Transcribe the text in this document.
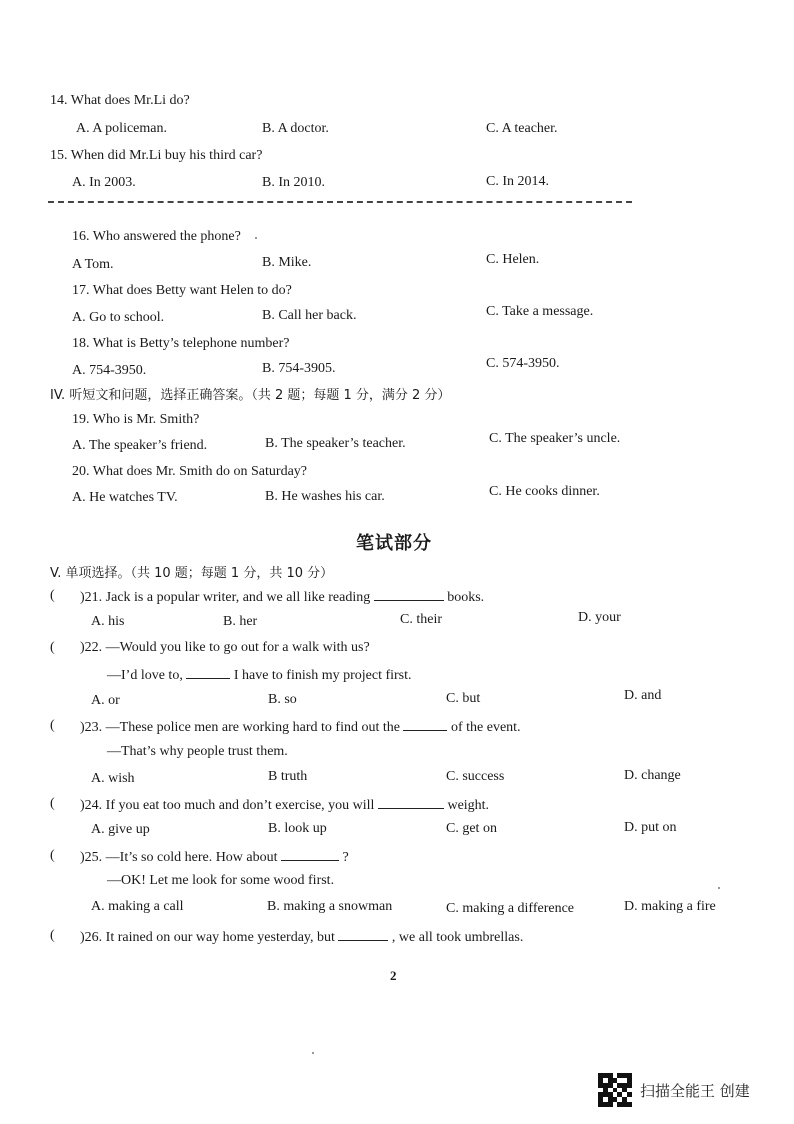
14. What does Mr.Li do?
A. A policeman.	B. A doctor.	C. A teacher.
15. When did Mr.Li buy his third car?
A. In 2003.	B. In 2010.	C. In 2014.
16. Who answered the phone?
A Tom.	B. Mike.	C. Helen.
17. What does Betty want Helen to do?
A. Go to school.	B. Call her back.	C. Take a message.
18. What is Betty’s telephone number?
A. 754-3950.	B. 754-3905.	C. 574-3950.
IV. 听短文和问题，选择正确答案。（共 2 题；每题 1 分，满分 2 分）
19. Who is Mr. Smith?
A. The speaker’s friend.	B. The speaker’s teacher.	C. The speaker’s uncle.
20. What does Mr. Smith do on Saturday?
A. He watches TV.	B. He washes his car.	C. He cooks dinner.
笔试部分
V. 单项选择。（共 10 题；每题 1 分，共 10 分）
( )21. Jack is a popular writer, and we all like reading	books.
A. his	B. her	C. their	D. your
( )22. —Would you like to go out for a walk with us?
—I’d love to,	I have to finish my project first.
A. or	B. so	C. but	D. and
( )23. —These police men are working hard to find out the	of the event.
—That’s why people trust them.
A. wish	B truth	C. success	D. change
( )24. If you eat too much and don’t exercise, you will	weight.
A. give up	B. look up	C. get on	D. put on
( )25. —It’s so cold here. How about	?
—OK! Let me look for some wood first.
A. making a call	B. making a snowman	C. making a difference	D. making a fire
( )26. It rained on our way home yesterday, but	, we all took umbrellas.
2
扫描全能王 创建
